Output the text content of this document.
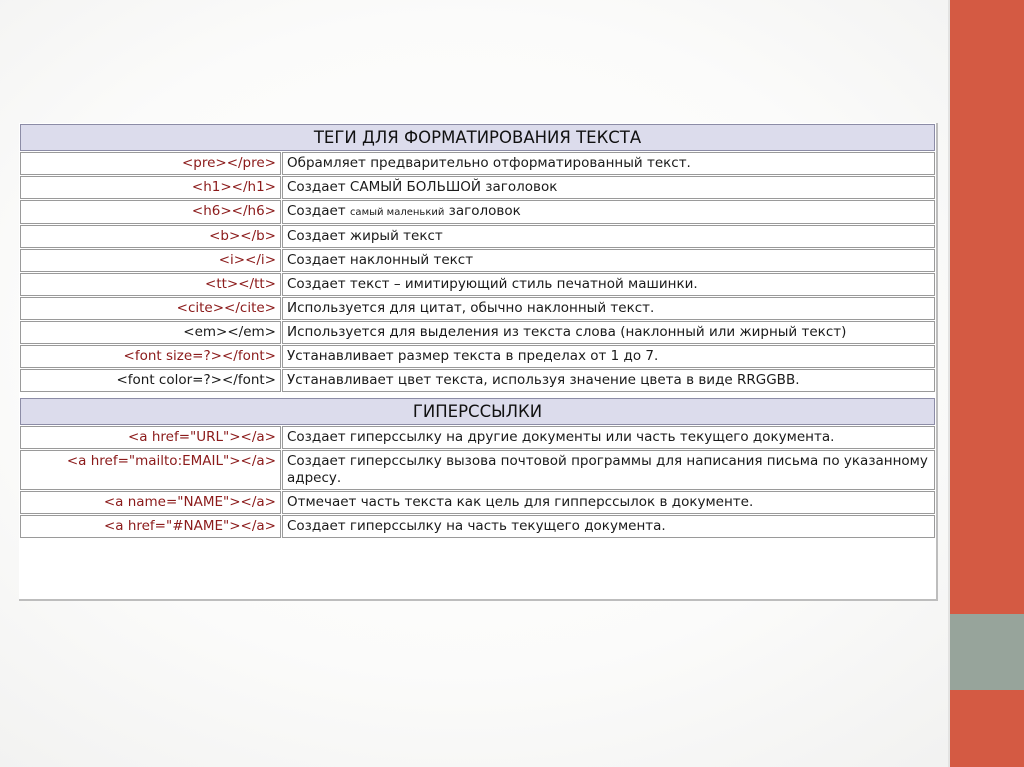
ТЕГИ ДЛЯ ФОРМАТИРОВАНИЯ ТЕКСТА	
<pre></pre>	Обрамляет предварительно отформатированный текст.
<h1></h1>	Создает САМЫЙ БОЛЬШОЙ заголовок
<h6></h6>	Создает самый маленький заголовок
<b></b>	Создает жирый текст
<i></i>	Создает наклонный текст
<tt></tt>	Создает текст – имитирующий стиль печатной машинки.
<cite></cite>	Используется для цитат, обычно наклонный текст.
<em></em>	Используется для выделения из текста слова (наклонный или жирный текст)
<font size=?></font>	Устанавливает размер текста в пределах от 1 до 7.
<font color=?></font>	Устанавливает цвет текста, используя значение цвета в виде RRGGBB.

ГИПЕРССЫЛКИ	
<a href="URL"></a>	Создает гиперссылку на другие документы или часть текущего документа.
<a href="mailto:EMAIL"></a>	Создает гиперссылку вызова почтовой программы для написания письма по указанному адресу.
<a name="NAME"></a>	Отмечает часть текста как цель для гипперссылок в документе.
<a href="#NAME"></a>	Создает гиперссылку на часть текущего документа.
